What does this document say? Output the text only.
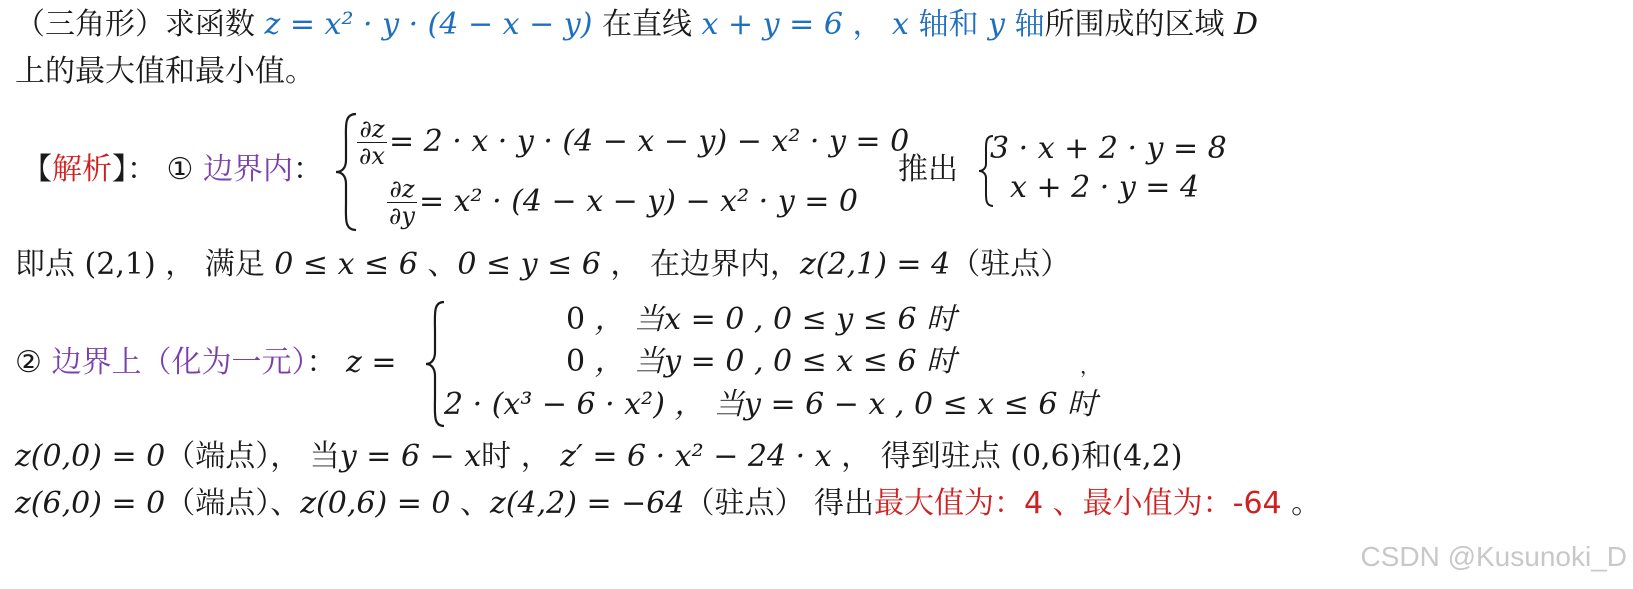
（三角形）求函数 z = x² · y · (4 − x − y) 在直线 x + y = 6 ， x 轴和 y 轴所围成的区域 D
上的最大值和最小值。
【解析】： ① 边界内： $\frac{\partial z}{\partial x} = 2 \cdot x \cdot y \cdot (4 - x - y) - x^2 \cdot y = 0$
$\frac{\partial z}{\partial y} = x^2 \cdot (4 - x - y) - x^2 \cdot y = 0$
推出
3 · x + 2 · y = 8
x + 2 · y = 4
即点 (2,1) ， 满足 0 ≤ x ≤ 6 、0 ≤ y ≤ 6 ， 在边界内，z(2,1) = 4（驻点）
② 边界上（化为一元）： z =
0 ， 当x = 0 , 0 ≤ y ≤ 6 时
0 ， 当y = 0 , 0 ≤ x ≤ 6 时
2 · (x³ − 6 · x²) ， 当y = 6 − x , 0 ≤ x ≤ 6 时
，
z(0,0) = 0（端点）， 当y = 6 − x时 ， z′ = 6 · x² − 24 · x ， 得到驻点 (0,6)和(4,2)
z(6,0) = 0（端点）、z(0,6) = 0 、z(4,2) = −64（驻点） 得出最大值为：4 、最小值为：-64 。
CSDN @Kusunoki_D
